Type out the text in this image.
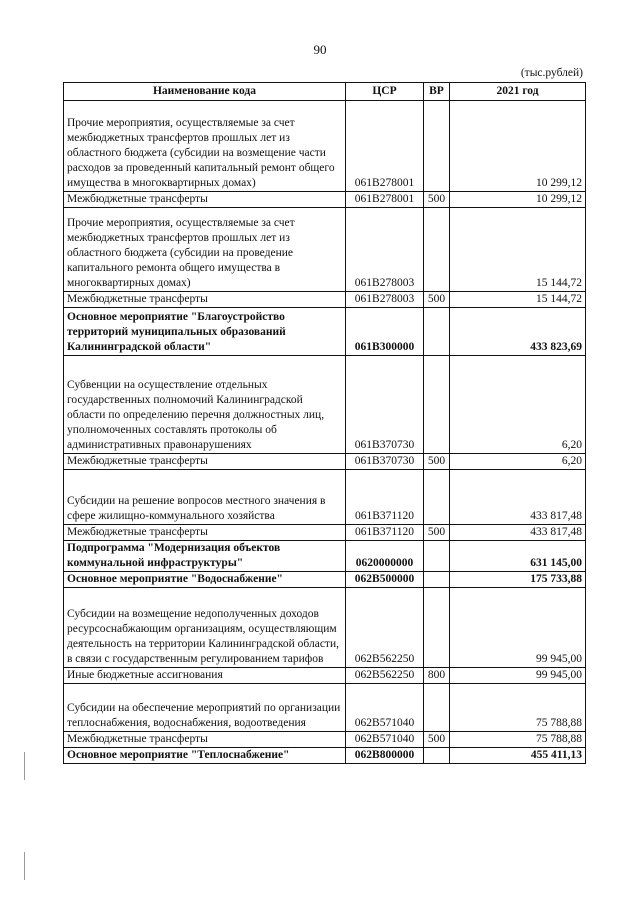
90
(тыс.рублей)
Наименование кода	ЦСР	ВР	2021 год
Прочие мероприятия, осуществляемые за счет межбюджетных трансфертов прошлых лет из областного бюджета (субсидии на возмещение части расходов за проведенный капитальный ремонт общего имущества в многоквартирных домах)	061B278001		10 299,12
Межбюджетные трансферты	061B278001	500	10 299,12
Прочие мероприятия, осуществляемые за счет межбюджетных трансфертов прошлых лет из областного бюджета (субсидии на проведение капитального ремонта общего имущества в многоквартирных домах)	061B278003		15 144,72
Межбюджетные трансферты	061B278003	500	15 144,72
Основное мероприятие "Благоустройство территорий муниципальных образований Калининградской области"	061B300000		433 823,69
Субвенции на осуществление отдельных государственных полномочий Калининградской области по определению перечня должностных лиц, уполномоченных составлять протоколы об административных правонарушениях	061B370730		6,20
Межбюджетные трансферты	061B370730	500	6,20
Субсидии на решение вопросов местного значения в сфере жилищно-коммунального хозяйства	061B371120		433 817,48
Межбюджетные трансферты	061B371120	500	433 817,48
Подпрограмма "Модернизация объектов коммунальной инфраструктуры"	0620000000		631 145,00
Основное мероприятие "Водоснабжение"	062B500000		175 733,88
Субсидии на возмещение недополученных доходов ресурсоснабжающим организациям, осуществляющим деятельность на территории Калининградской области, в связи с государственным регулированием тарифов	062B562250		99 945,00
Иные бюджетные ассигнования	062B562250	800	99 945,00
Субсидии на обеспечение мероприятий по организации теплоснабжения, водоснабжения, водоотведения	062B571040		75 788,88
Межбюджетные трансферты	062B571040	500	75 788,88
Основное мероприятие "Теплоснабжение"	062B800000		455 411,13
